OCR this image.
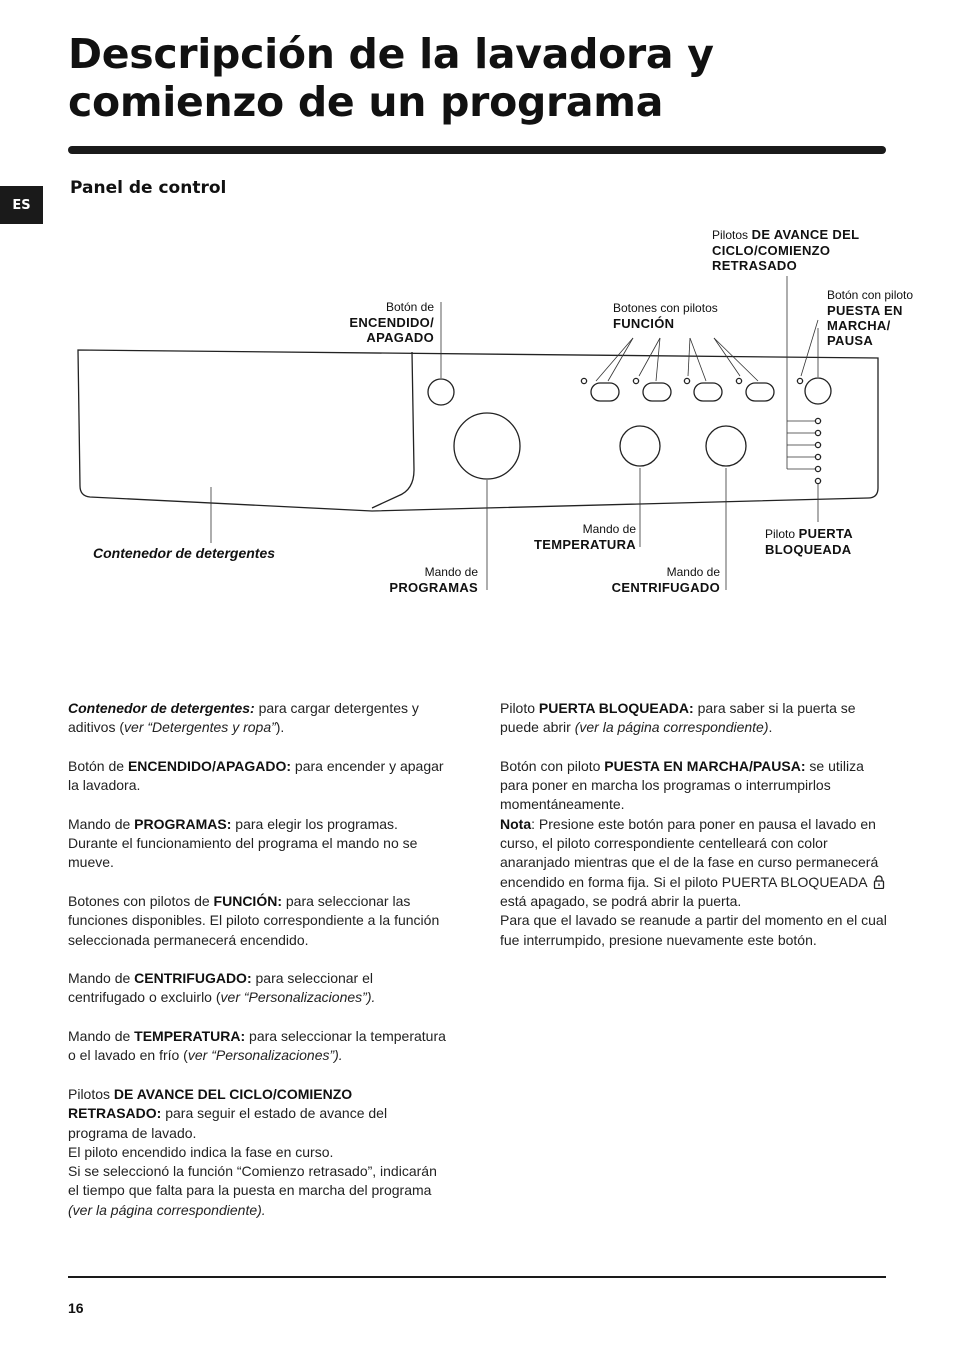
Descripción de la lavadora y
comienzo de un programa
ES
Panel de control
Pilotos DE AVANCE DEL
CICLO/COMIENZO
RETRASADO
Botón de
ENCENDIDO/
APAGADO
Botones con pilotos
FUNCIÓN
Botón con piloto
PUESTA EN
MARCHA/
PAUSA
Contenedor de detergentes
Mando de
TEMPERATURA
Piloto PUERTA
BLOQUEADA
Mando de
PROGRAMAS
Mando de
CENTRIFUGADO

Contenedor de detergentes: para cargar detergentes y aditivos (ver “Detergentes y ropa”).

Botón de ENCENDIDO/APAGADO: para encender y apagar la lavadora.

Mando de PROGRAMAS: para elegir los programas. Durante el funcionamiento del programa el mando no se mueve.

Botones con pilotos de FUNCIÓN: para seleccionar las funciones disponibles. El piloto correspondiente a la función seleccionada permanecerá encendido.

Mando de CENTRIFUGADO: para seleccionar el centrifugado o excluirlo (ver “Personalizaciones”).

Mando de TEMPERATURA: para seleccionar la temperatura o el lavado en frío (ver “Personalizaciones”).

Pilotos DE AVANCE DEL CICLO/COMIENZO RETRASADO: para seguir el estado de avance del programa de lavado.
El piloto encendido indica la fase en curso.
Si se seleccionó la función “Comienzo retrasado”, indicarán el tiempo que falta para la puesta en marcha del programa (ver la página correspondiente).

Piloto PUERTA BLOQUEADA: para saber si la puerta se puede abrir (ver la página correspondiente).

Botón con piloto PUESTA EN MARCHA/PAUSA: se utiliza para poner en marcha los programas o interrumpirlos momentáneamente.
Nota: Presione este botón para poner en pausa el lavado en curso, el piloto correspondiente centelleará con color anaranjado mientras que el de la fase en curso permanecerá encendido en forma fija. Si el piloto PUERTA BLOQUEADA  está apagado, se podrá abrir la puerta.
Para que el lavado se reanude a partir del momento en el cual fue interrumpido, presione nuevamente este botón.

16
